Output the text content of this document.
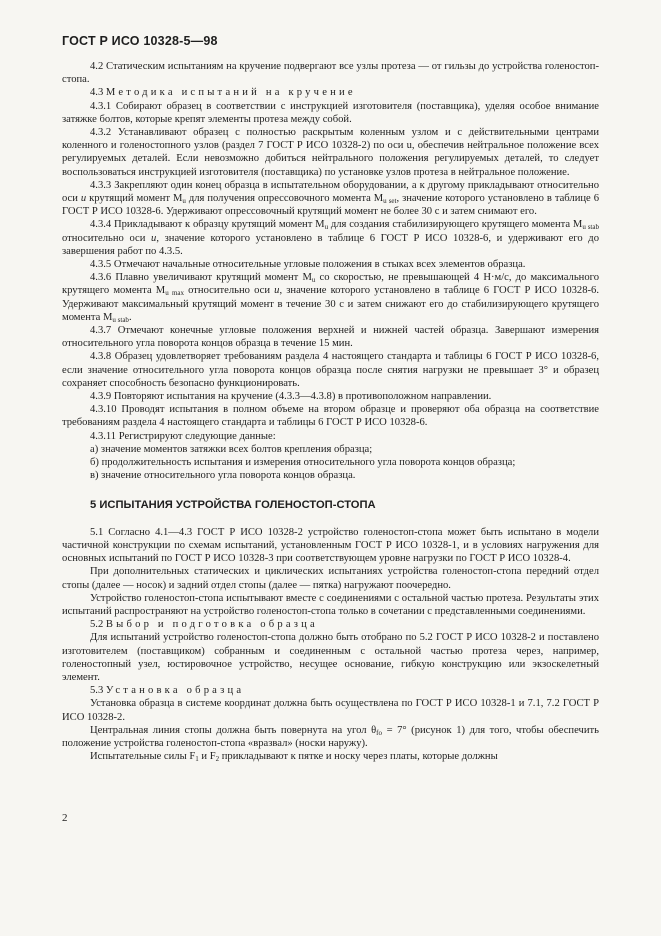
ГОСТ Р ИСО 10328-5—98

4.2 Статическим испытаниям на кручение подвергают все узлы протеза — от гильзы до устройства голеностоп-стопа.

4.3 Методика испытаний на кручение

4.3.1 Собирают образец в соответствии с инструкцией изготовителя (поставщика), уделяя особое внимание затяжке болтов, которые крепят элементы протеза между собой.

4.3.2 Устанавливают образец с полностью раскрытым коленным узлом и с действительными центрами коленного и голеностопного узлов (раздел 7 ГОСТ Р ИСО 10328-2) по оси u, обеспечив нейтральное положение всех регулируемых деталей. Если невозможно добиться нейтрального положения регулируемых деталей, то следует воспользоваться инструкцией изготовителя (поставщика) по установке узлов протеза в нейтральное положение.

4.3.3 Закрепляют один конец образца в испытательном оборудовании, а к другому прикладывают относительно оси u крутящий момент $M_u$ для получения опрессовочного момента $M_{u set}$, значение которого установлено в таблице 6 ГОСТ Р ИСО 10328-6. Удерживают опрессовочный крутящий момент не более 30 с и затем снимают его.

4.3.4 Прикладывают к образцу крутящий момент $M_u$ для создания стабилизирующего крутящего момента $M_{u stab}$ относительно оси u, значение которого установлено в таблице 6 ГОСТ Р ИСО 10328-6, и удерживают его до завершения работ по 4.3.5.

4.3.5 Отмечают начальные относительные угловые положения в стыках всех элементов образца.

4.3.6 Плавно увеличивают крутящий момент $M_u$ со скоростью, не превышающей 4 Н·м/с, до максимального крутящего момента $M_{u max}$ относительно оси u, значение которого установлено в таблице 6 ГОСТ Р ИСО 10328-6. Удерживают максимальный крутящий момент в течение 30 с и затем снижают его до стабилизирующего крутящего момента $M_{u stab}$.

4.3.7 Отмечают конечные угловые положения верхней и нижней частей образца. Завершают измерения относительного угла поворота концов образца в течение 15 мин.

4.3.8 Образец удовлетворяет требованиям раздела 4 настоящего стандарта и таблицы 6 ГОСТ Р ИСО 10328-6, если значение относительного угла поворота концов образца после снятия нагрузки не превышает 3° и образец сохраняет способность безопасно функционировать.

4.3.9 Повторяют испытания на кручение (4.3.3—4.3.8) в противоположном направлении.

4.3.10 Проводят испытания в полном объеме на втором образце и проверяют оба образца на соответствие требованиям раздела 4 настоящего стандарта и таблицы 6 ГОСТ Р ИСО 10328-6.

4.3.11 Регистрируют следующие данные:

а) значение моментов затяжки всех болтов крепления образца;

б) продолжительность испытания и измерения относительного угла поворота концов образца;

в) значение относительного угла поворота концов образца.

5 ИСПЫТАНИЯ УСТРОЙСТВА ГОЛЕНОСТОП-СТОПА

5.1 Согласно 4.1—4.3 ГОСТ Р ИСО 10328-2 устройство голеностоп-стопа может быть испытано в модели частичной конструкции по схемам испытаний, установленным ГОСТ Р ИСО 10328-1, и в условиях нагружения для основных испытаний по ГОСТ Р ИСО 10328-3 при соответствующем уровне нагрузки по ГОСТ Р ИСО 10328-4.

При дополнительных статических и циклических испытаниях устройства голеностоп-стопа передний отдел стопы (далее — носок) и задний отдел стопы (далее — пятка) нагружают поочередно.

Устройство голеностоп-стопа испытывают вместе с соединениями с остальной частью протеза. Результаты этих испытаний распространяют на устройство голеностоп-стопа только в сочетании с представленными соединениями.

5.2 Выбор и подготовка образца

Для испытаний устройство голеностоп-стопа должно быть отобрано по 5.2 ГОСТ Р ИСО 10328-2 и поставлено изготовителем (поставщиком) собранным и соединенным с остальной частью протеза через, например, голеностопный узел, юстировочное устройство, несущее основание, гибкую конструкцию или экзоскелетный элемент.

5.3 Установка образца

Установка образца в системе координат должна быть осуществлена по ГОСТ Р ИСО 10328-1 и 7.1, 7.2 ГОСТ Р ИСО 10328-2.

Центральная линия стопы должна быть повернута на угол $\theta_{fo} = 7^\circ$ (рисунок 1) для того, чтобы обеспечить положение устройства голеностоп-стопа «вразвал» (носки наружу).

Испытательные силы $F_1$ и $F_2$ прикладывают к пятке и носку через платы, которые должны

2
